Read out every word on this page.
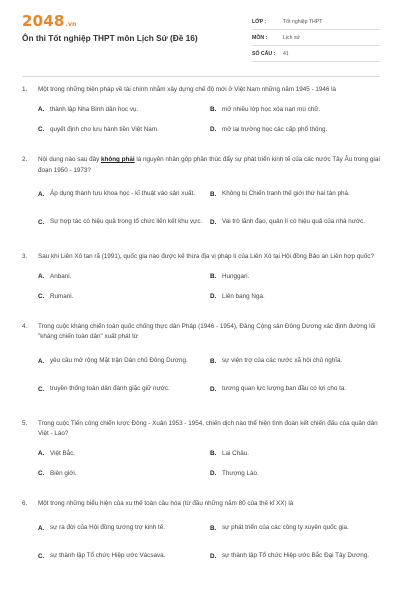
2048.vn
Ôn thi Tốt nghiệp THPT môn Lịch Sử (Đề 16)
LỚP :	Tốt nghiệp THPT
MÔN :	Lịch sử
SỐ CÂU :	41
1.	Một trong những biện pháp về tài chính nhằm xây dựng chế độ mới ở Việt Nam những năm 1945 - 1946 là
A. thành lập Nha Bình dân học vụ.	B. mở nhiều lớp học xóa nạn mù chữ.
C. quyết định cho lưu hành tiền Việt Nam.	D. mở lại trường học các cấp phổ thông.
2.	Nội dung nào sau đây không phải là nguyên nhân góp phần thúc đẩy sự phát triển kinh tế của các nước Tây Âu trong giai đoạn 1950 - 1973?
A. Áp dụng thành tựu khoa học - kĩ thuật vào sản xuất. B. Không bị Chiến tranh thế giới thứ hai tàn phá.
C. Sự hợp tác có hiệu quả trong tổ chức liên kết khu vực. D. Vai trò lãnh đạo, quản lí có hiệu quả của nhà nước.
3.	Sau khi Liên Xô tan rã (1991), quốc gia nào được kế thừa địa vị pháp lí của Liên Xô tại Hội đồng Bảo an Liên hợp quốc?
A. Anbani.	B. Hunggari.
C. Rumani.	D. Liên bang Nga.
4.	Trong cuộc kháng chiến toàn quốc chống thực dân Pháp (1946 - 1954), Đảng Cộng sản Đông Dương xác định đường lối "kháng chiến toàn dân" xuất phát từ
A. yêu cầu mở rộng Mặt trận Dân chủ Đông Dương.	B. sự viện trợ của các nước xã hội chủ nghĩa.
C. truyền thống toàn dân đánh giặc giữ nước.	D. tương quan lực lượng ban đầu có lợi cho ta.
5.	Trong cuộc Tiến công chiến lược Đông - Xuân 1953 - 1954, chiến dịch nào thể hiện tình đoàn kết chiến đấu của quân dân Việt - Lào?
A. Việt Bắc.	B. Lai Châu.
C. Biên giới.	D. Thượng Lào.
6.	Một trong những biểu hiện của xu thế toàn cầu hóa (từ đầu những năm 80 của thế kỉ XX) là
A. sự ra đời của Hội đồng tương trợ kinh tế.	B. sự phát triển của các công ty xuyên quốc gia.
C. sự thành lập Tổ chức Hiệp ước Vácsava.	D. sự thành lập Tổ chức Hiệp ước Bắc Đại Tây Dương.
